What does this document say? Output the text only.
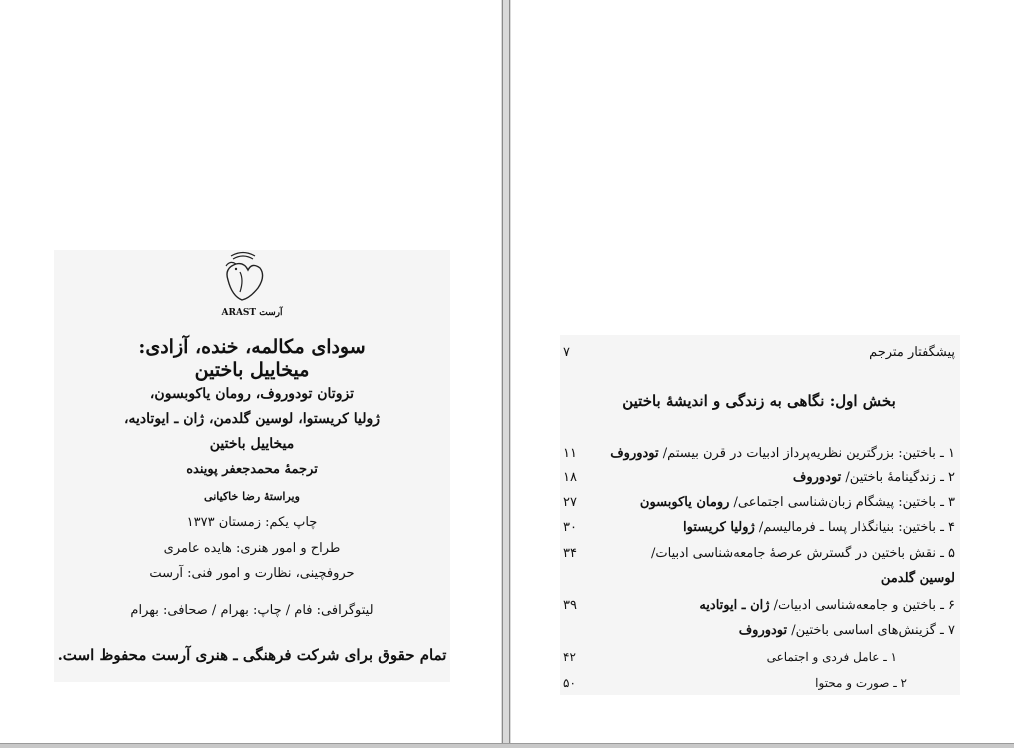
آرست ARAST
سودای مکالمه، خنده، آزادی:
میخاییل باختین
تزوتان تودوروف، رومان یاکوبسون،
ژولیا کریستوا، لوسین گلدمن، ژان ـ ایوتادیه،
میخاییل باختین
ترجمهٔ محمدجعفر پوینده
ویراستهٔ رضا خاکیانی
چاپ یکم: زمستان ۱۳۷۳
طراح و امور هنری: هایده عامری
حروفچینی، نظارت و امور فنی: آرست
لیتوگرافی: فام / چاپ: بهرام / صحافی: بهرام
تمام حقوق برای شرکت فرهنگی ـ هنری آرست محفوظ است.
۷	پیشگفتار مترجم
بخش اول: نگاهی به زندگی و اندیشهٔ باختین
۱۱	۱ ـ باختین: بزرگترین نظریه‌پرداز ادبیات در قرن بیستم/ تودوروف
۱۸	۲ ـ زندگینامهٔ باختین/ تودوروف
۲۷	۳ ـ باختین: پیشگام زبان‌شناسی اجتماعی/ رومان یاکوبسون
۳۰	۴ ـ باختین: بنیانگذار پسا ـ فرمالیسم/ ژولیا کریستوا
۳۴	۵ ـ نقش باختین در گسترش عرصهٔ جامعه‌شناسی ادبیات/
لوسین گلدمن
۳۹	۶ ـ باختین و جامعه‌شناسی ادبیات/ ژان ـ ایوتادیه
۷ ـ گزینش‌های اساسی باختین/ تودوروف
۴۲	۱ ـ عامل فردی و اجتماعی
۵۰	۲ ـ صورت و محتوا
